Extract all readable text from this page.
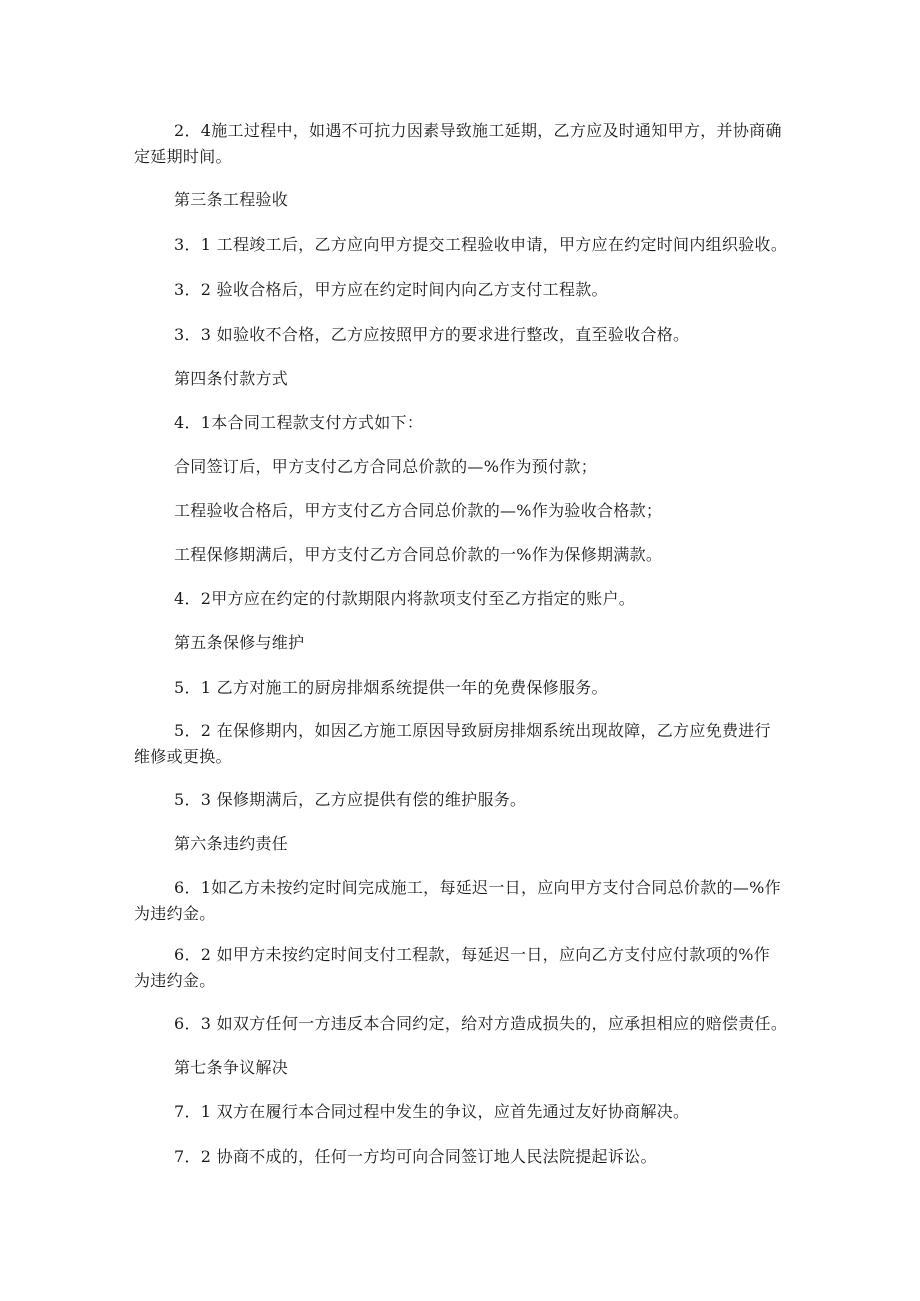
2．4施工过程中，如遇不可抗力因素导致施工延期，乙方应及时通知甲方，并协商确
定延期时间。
第三条工程验收
3．1 工程竣工后，乙方应向甲方提交工程验收申请，甲方应在约定时间内组织验收。
3．2 验收合格后，甲方应在约定时间内向乙方支付工程款。
3．3 如验收不合格，乙方应按照甲方的要求进行整改，直至验收合格。
第四条付款方式
4．1本合同工程款支付方式如下：
合同签订后，甲方支付乙方合同总价款的—%作为预付款；
工程验收合格后，甲方支付乙方合同总价款的—%作为验收合格款；
工程保修期满后，甲方支付乙方合同总价款的一%作为保修期满款。
4．2甲方应在约定的付款期限内将款项支付至乙方指定的账户。
第五条保修与维护
5．1 乙方对施工的厨房排烟系统提供一年的免费保修服务。
5．2 在保修期内，如因乙方施工原因导致厨房排烟系统出现故障，乙方应免费进行
维修或更换。
5．3 保修期满后，乙方应提供有偿的维护服务。
第六条违约责任
6．1如乙方未按约定时间完成施工，每延迟一日，应向甲方支付合同总价款的—%作
为违约金。
6．2 如甲方未按约定时间支付工程款，每延迟一日，应向乙方支付应付款项的%作
为违约金。
6．3 如双方任何一方违反本合同约定，给对方造成损失的，应承担相应的赔偿责任。
第七条争议解决
7．1 双方在履行本合同过程中发生的争议，应首先通过友好协商解决。
7．2 协商不成的，任何一方均可向合同签订地人民法院提起诉讼。
